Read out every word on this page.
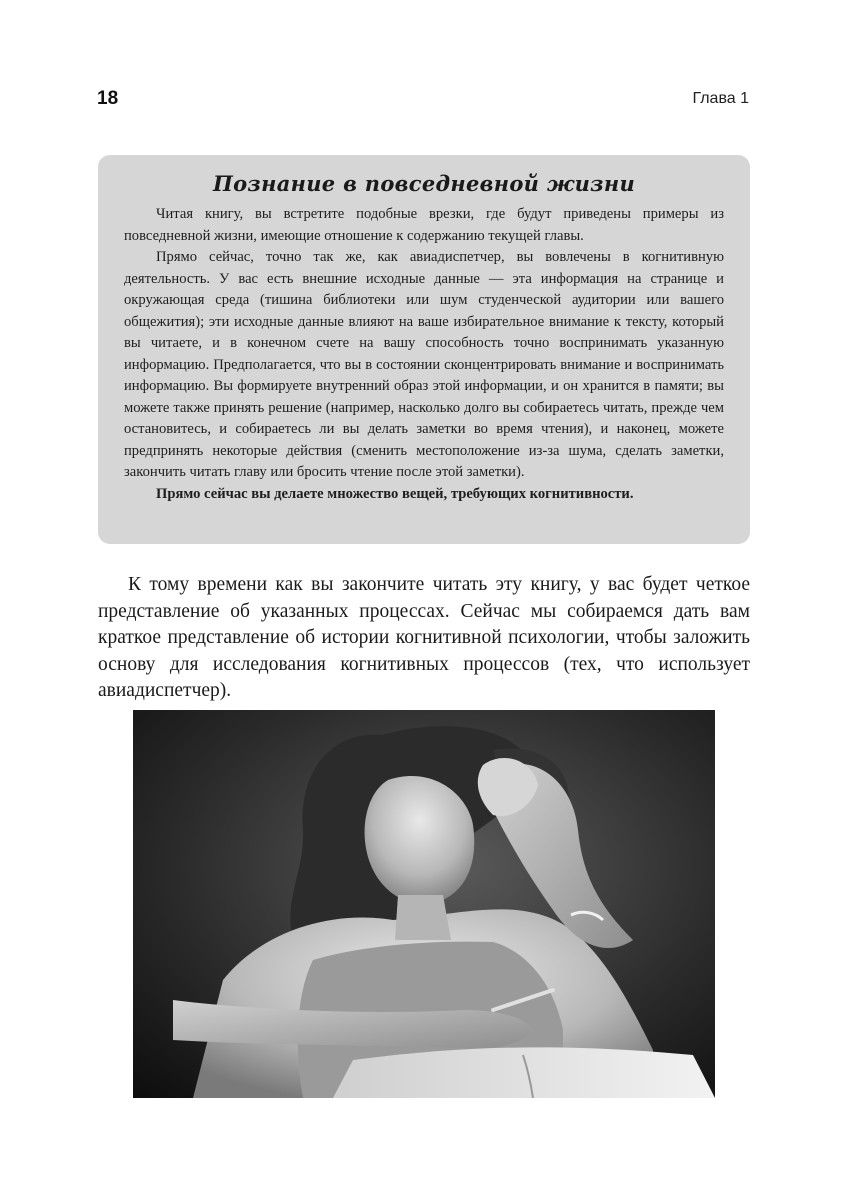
18	Глава 1
Познание в повседневной жизни

Читая книгу, вы встретите подобные врезки, где будут приведены примеры из повседневной жизни, имеющие отношение к содержанию текущей главы.

Прямо сейчас, точно так же, как авиадиспетчер, вы вовлечены в когнитивную деятельность. У вас есть внешние исходные данные — эта информация на странице и окружающая среда (тишина библиотеки или шум студенческой аудитории или вашего общежития); эти исходные данные влияют на ваше избирательное внимание к тексту, который вы читаете, и в конечном счете на вашу способность точно воспринимать указанную информацию. Предполагается, что вы в состоянии сконцентрировать внимание и воспринимать информацию. Вы формируете внутренний образ этой информации, и он хранится в памяти; вы можете также принять решение (например, насколько долго вы собираетесь читать, прежде чем остановитесь, и собираетесь ли вы делать заметки во время чтения), и наконец, можете предпринять некоторые действия (сменить местоположение из-за шума, сделать заметки, закончить читать главу или бросить чтение после этой заметки).

Прямо сейчас вы делаете множество вещей, требующих когнитивности.

К тому времени как вы закончите читать эту книгу, у вас будет четкое представление об указанных процессах. Сейчас мы собираемся дать вам краткое представление об истории когнитивной психологии, чтобы заложить основу для исследования когнитивных процессов (тех, что использует авиадиспетчер).
